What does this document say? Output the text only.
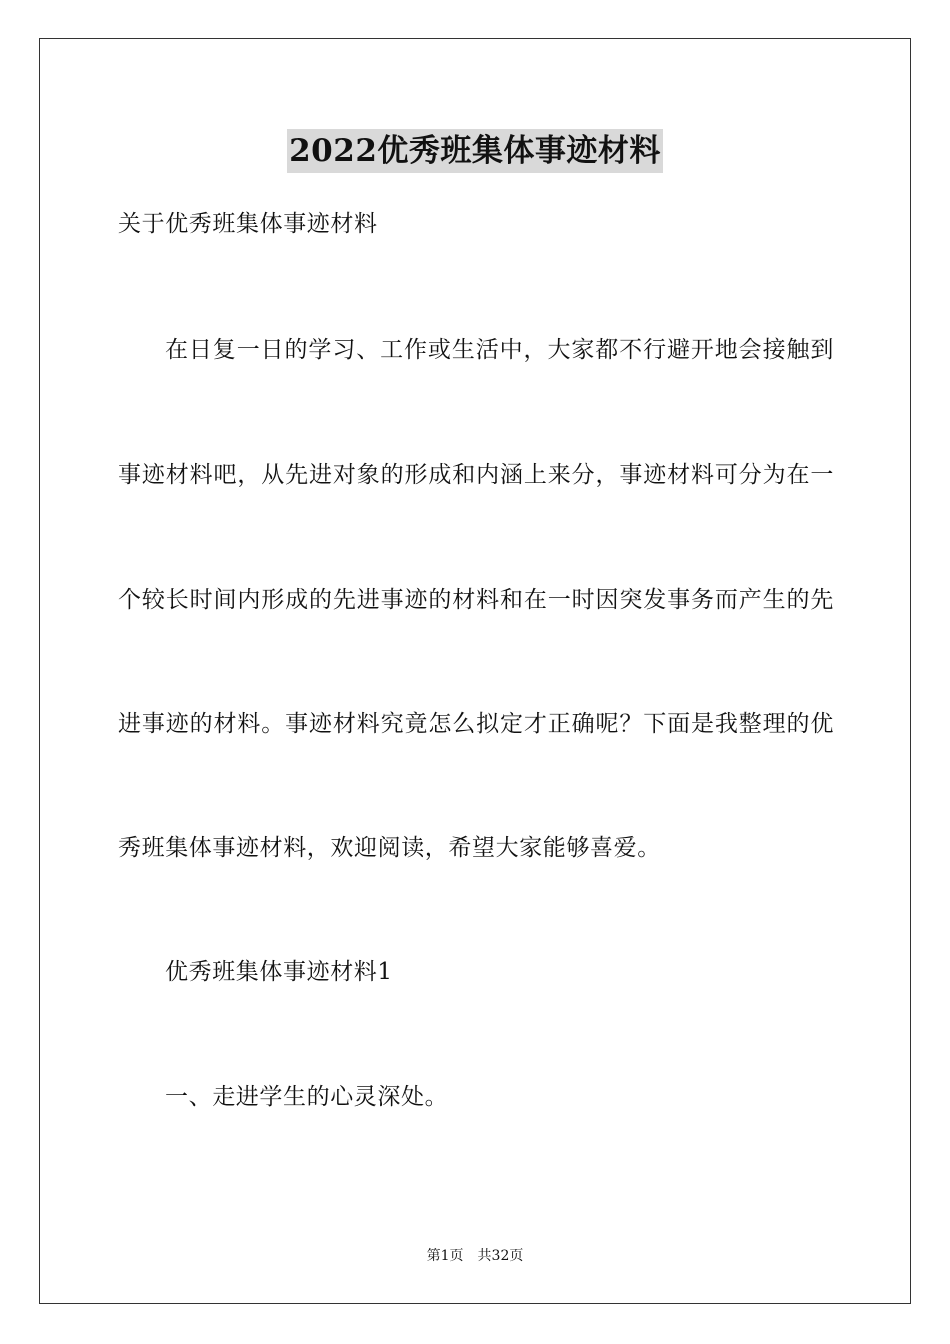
2022优秀班集体事迹材料

关于优秀班集体事迹材料

在日复一日的学习、工作或生活中，大家都不行避开地会接触到

事迹材料吧，从先进对象的形成和内涵上来分，事迹材料可分为在一

个较长时间内形成的先进事迹的材料和在一时因突发事务而产生的先

进事迹的材料。事迹材料究竟怎么拟定才正确呢？下面是我整理的优

秀班集体事迹材料，欢迎阅读，希望大家能够喜爱。

优秀班集体事迹材料1

一、走进学生的心灵深处。

第1页 共32页
